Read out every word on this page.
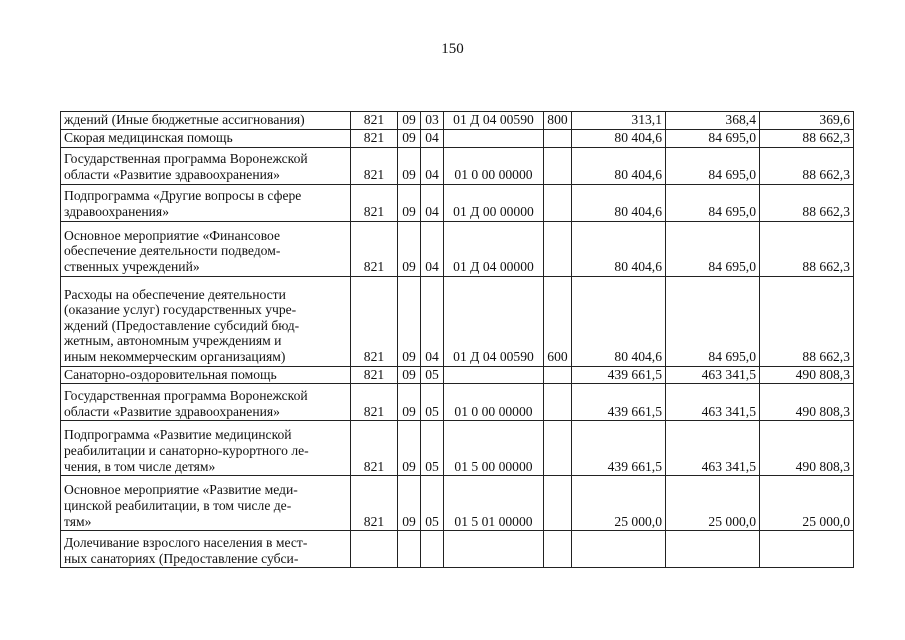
150
ждений (Иные бюджетные ассигнования)	821	09	03	01 Д 04 00590	800	313,1	368,4	369,6

Скорая медицинская помощь	821	09	04			80 404,6	84 695,0	88 662,3

Государственная программа Воронежской
области «Развитие здравоохранения»	821	09	04	01 0 00 00000		80 404,6	84 695,0	88 662,3

Подпрограмма «Другие вопросы в сфере
здравоохранения»	821	09	04	01 Д 00 00000		80 404,6	84 695,0	88 662,3

Основное мероприятие «Финансовое
обеспечение деятельности подведом-
ственных учреждений»	821	09	04	01 Д 04 00000		80 404,6	84 695,0	88 662,3

Расходы на обеспечение деятельности
(оказание услуг) государственных учре-
ждений (Предоставление субсидий бюд-
жетным, автономным учреждениям и
иным некоммерческим организациям)	821	09	04	01 Д 04 00590	600	80 404,6	84 695,0	88 662,3

Санаторно-оздоровительная помощь	821	09	05			439 661,5	463 341,5	490 808,3

Государственная программа Воронежской
области «Развитие здравоохранения»	821	09	05	01 0 00 00000		439 661,5	463 341,5	490 808,3

Подпрограмма «Развитие медицинской
реабилитации и санаторно-курортного ле-
чения, в том числе детям»	821	09	05	01 5 00 00000		439 661,5	463 341,5	490 808,3

Основное мероприятие «Развитие меди-
цинской реабилитации, в том числе де-
тям»	821	09	05	01 5 01 00000		25 000,0	25 000,0	25 000,0

Долечивание взрослого населения в мест-
ных санаториях (Предоставление субси-								
